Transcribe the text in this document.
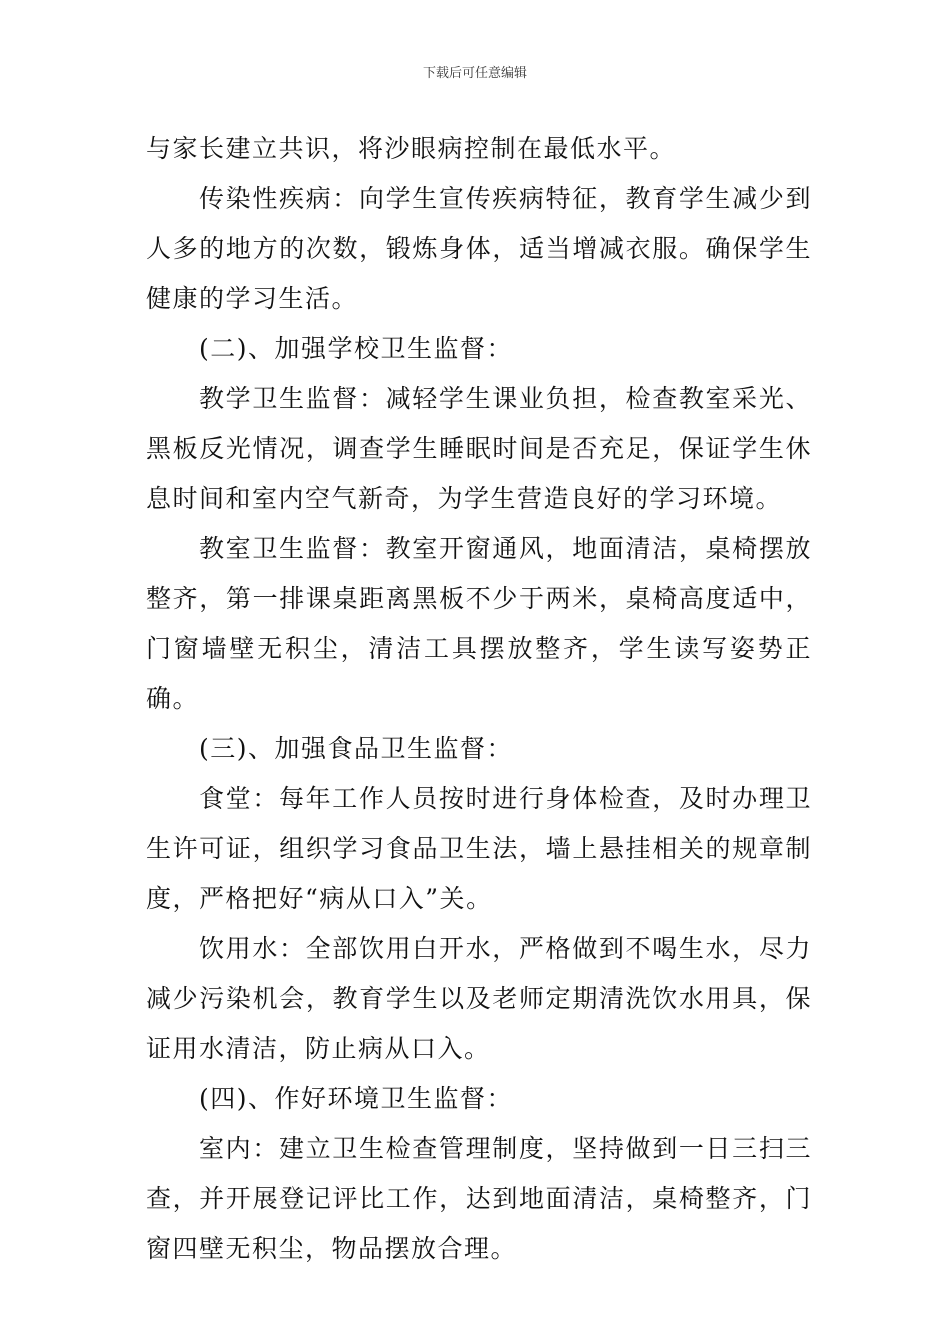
下载后可任意编辑

与家长建立共识，将沙眼病控制在最低水平。

传染性疾病：向学生宣传疾病特征，教育学生减少到人多的地方的次数，锻炼身体，适当增减衣服。确保学生健康的学习生活。

(二)、加强学校卫生监督：

教学卫生监督：减轻学生课业负担，检查教室采光、黑板反光情况，调查学生睡眠时间是否充足，保证学生休息时间和室内空气新奇，为学生营造良好的学习环境。

教室卫生监督：教室开窗通风，地面清洁，桌椅摆放整齐，第一排课桌距离黑板不少于两米，桌椅高度适中，门窗墙壁无积尘，清洁工具摆放整齐，学生读写姿势正确。

(三)、加强食品卫生监督：

食堂：每年工作人员按时进行身体检查，及时办理卫生许可证，组织学习食品卫生法，墙上悬挂相关的规章制度，严格把好“病从口入”关。

饮用水：全部饮用白开水，严格做到不喝生水，尽力减少污染机会，教育学生以及老师定期清洗饮水用具，保证用水清洁，防止病从口入。

(四)、作好环境卫生监督：

室内：建立卫生检查管理制度，坚持做到一日三扫三查，并开展登记评比工作，达到地面清洁，桌椅整齐，门窗四壁无积尘，物品摆放合理。
